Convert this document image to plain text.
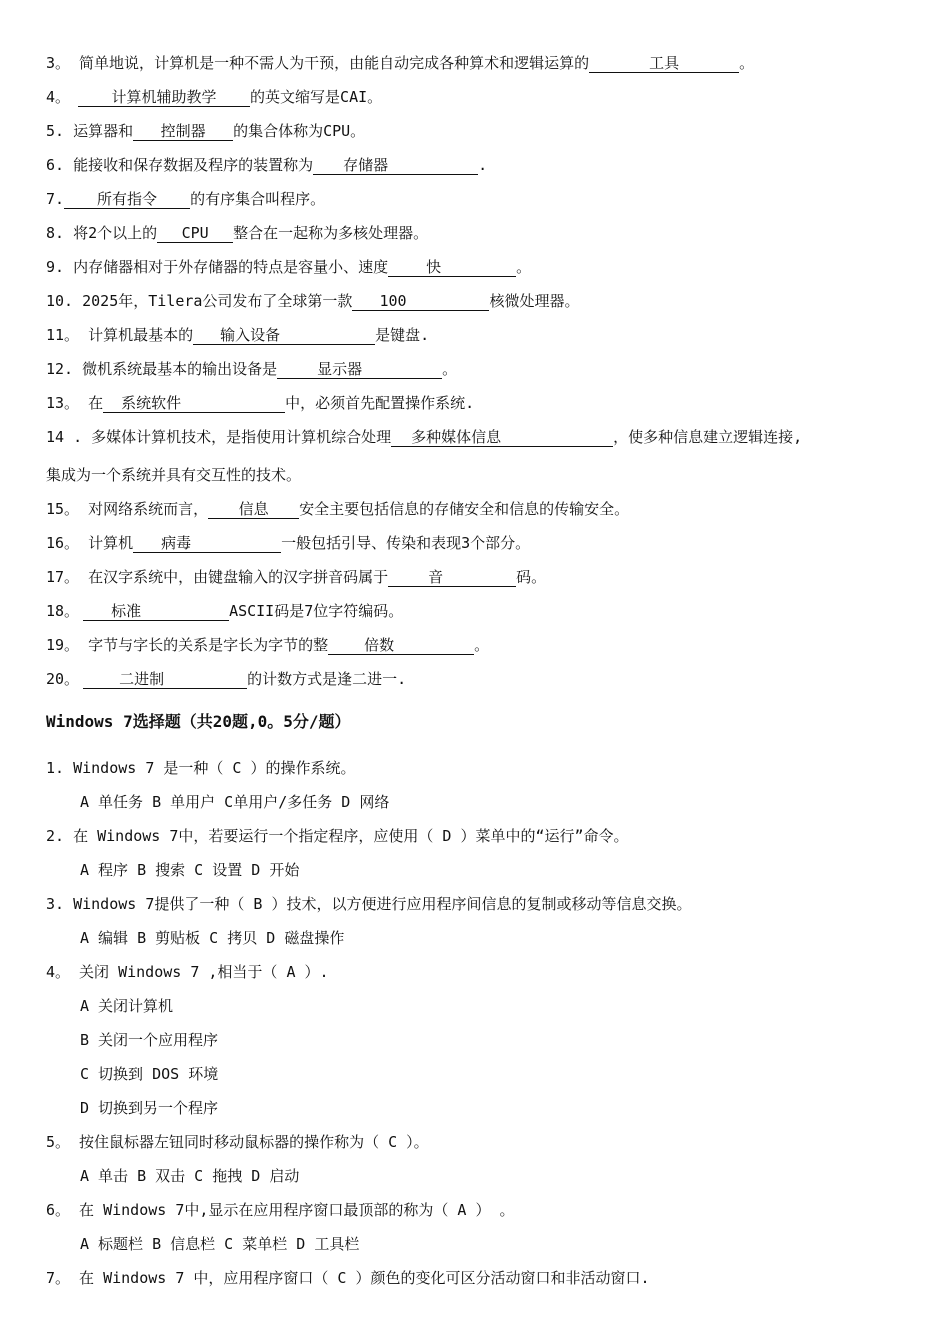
3。 简单地说，计算机是一种不需人为干预，由能自动完成各种算术和逻辑运算的	工具	。
4。	计算机辅助教学 的英文缩写是CAI。
5. 运算器和 控制器 的集合体称为CPU。
6. 能接收和保存数据及程序的装置称为 存储器	.
7. 所有指令 的有序集合叫程序。
8. 将2个以上的 CPU 整合在一起称为多核处理器。
9. 内存储器相对于外存储器的特点是容量小、速度	快	。
10. 2025年，Tilera公司发布了全球第一款 100	核微处理器。
11。 计算机最基本的 输入设备	是键盘.
12. 微机系统最基本的输出设备是	显示器	。
13。 在 系统软件	中，必须首先配置操作系统.
14 . 多媒体计算机技术，是指使用计算机综合处理 多种媒体信息	，使多种信息建立逻辑连接,
集成为一个系统并具有交互性的技术。
15。 对网络系统而言， 信息 安全主要包括信息的存储安全和信息的传输安全。
16。 计算机 病毒	一般包括引导、传染和表现3个部分。
17。 在汉字系统中，由键盘输入的汉字拼音码属于	音	码。
18。 标准	ASCII码是7位字符编码。
19。 字节与字长的关系是字长为字节的整 倍数	。
20。	二进制	的计数方式是逢二进一.
Windows 7选择题（共20题,0。5分/题）
1. Windows 7 是一种（ C ）的操作系统。
A 单任务 B 单用户 C单用户/多任务 D 网络
2. 在 Windows 7中，若要运行一个指定程序，应使用（ D ）菜单中的“运行”命令。
A 程序 B 搜索 C 设置 D 开始
3. Windows 7提供了一种（ B ）技术，以方便进行应用程序间信息的复制或移动等信息交换。
A 编辑 B 剪贴板 C 拷贝 D 磁盘操作
4。 关闭 Windows 7 ,相当于（ A ）.
A 关闭计算机
B 关闭一个应用程序
C 切换到 DOS 环境
D 切换到另一个程序
5。 按住鼠标器左钮同时移动鼠标器的操作称为（ C ）。
A 单击 B 双击 C 拖拽 D 启动
6。 在 Windows 7中,显示在应用程序窗口最顶部的称为（ A ） 。
A 标题栏 B 信息栏 C 菜单栏 D 工具栏
7。 在 Windows 7 中，应用程序窗口（ C ）颜色的变化可区分活动窗口和非活动窗口.
